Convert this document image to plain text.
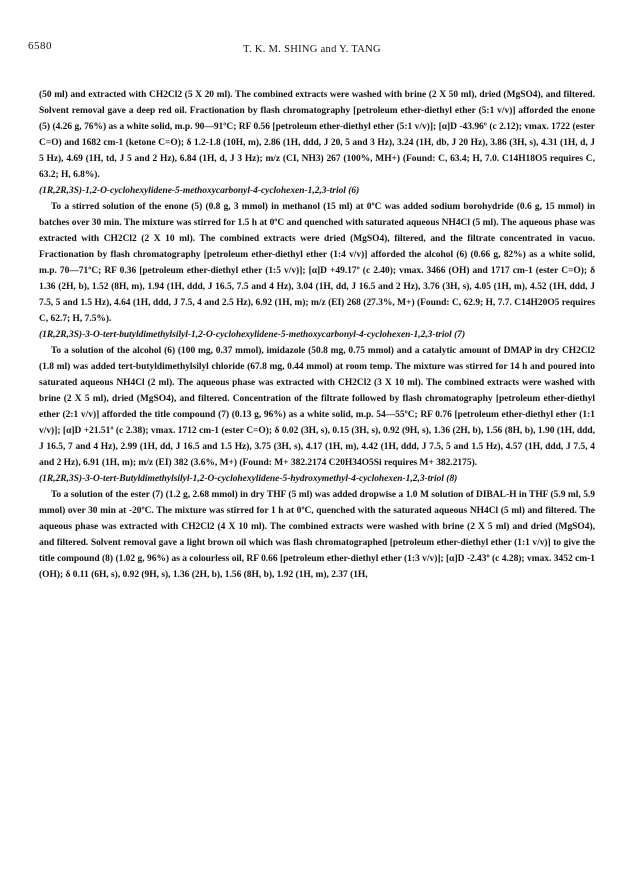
6580	T. K. M. SHING and Y. TANG

(50 ml) and extracted with CH2Cl2 (5 X 20 ml). The combined extracts were washed with brine (2 X 50 ml), dried (MgSO4), and filtered. Solvent removal gave a deep red oil. Fractionation by flash chromatography [petroleum ether-diethyl ether (5:1 v/v)] afforded the enone (5) (4.26 g, 76%) as a white solid, m.p. 90—91ºC; RF 0.56 [petroleum ether-diethyl ether (5:1 v/v)]; [α]D -43.96º (c 2.12); vmax. 1722 (ester C=O) and 1682 cm-1 (ketone C=O); δ 1.2-1.8 (10H, m), 2.86 (1H, ddd, J 20, 5 and 3 Hz), 3.24 (1H, db, J 20 Hz), 3.86 (3H, s), 4.31 (1H, d, J 5 Hz), 4.69 (1H, td, J 5 and 2 Hz), 6.84 (1H, d, J 3 Hz); m/z (CI, NH3) 267 (100%, MH+) (Found: C, 63.4; H, 7.0. C14H18O5 requires C, 63.2; H, 6.8%).

(1R,2R,3S)-1,2-O-cyclohexylidene-5-methoxycarbonyl-4-cyclohexen-1,2,3-triol (6)

To a stirred solution of the enone (5) (0.8 g, 3 mmol) in methanol (15 ml) at 0ºC was added sodium borohydride (0.6 g, 15 mmol) in batches over 30 min. The mixture was stirred for 1.5 h at 0ºC and quenched with saturated aqueous NH4Cl (5 ml). The aqueous phase was extracted with CH2Cl2 (2 X 10 ml). The combined extracts were dried (MgSO4), filtered, and the filtrate concentrated in vacuo. Fractionation by flash chromatography [petroleum ether-diethyl ether (1:4 v/v)] afforded the alcohol (6) (0.66 g, 82%) as a white solid, m.p. 70—71ºC; RF 0.36 [petroleum ether-diethyl ether (1:5 v/v)]; [α]D +49.17º (c 2.40); vmax. 3466 (OH) and 1717 cm-1 (ester C=O); δ 1.36 (2H, b), 1.52 (8H, m), 1.94 (1H, ddd, J 16.5, 7.5 and 4 Hz), 3.04 (1H, dd, J 16.5 and 2 Hz), 3.76 (3H, s), 4.05 (1H, m), 4.52 (1H, ddd, J 7.5, 5 and 1.5 Hz), 4.64 (1H, ddd, J 7.5, 4 and 2.5 Hz), 6.92 (1H, m); m/z (EI) 268 (27.3%, M+) (Found: C, 62.9; H, 7.7. C14H20O5 requires C, 62.7; H, 7.5%).

(1R,2R,3S)-3-O-tert-butyldimethylsilyl-1,2-O-cyclohexylidene-5-methoxycarbonyl-4-cyclohexen-1,2,3-triol (7)

To a solution of the alcohol (6) (100 mg, 0.37 mmol), imidazole (50.8 mg, 0.75 mmol) and a catalytic amount of DMAP in dry CH2Cl2 (1.8 ml) was added tert-butyldimethylsilyl chloride (67.8 mg, 0.44 mmol) at room temp. The mixture was stirred for 14 h and poured into saturated aqueous NH4Cl (2 ml). The aqueous phase was extracted with CH2Cl2 (3 X 10 ml). The combined extracts were washed with brine (2 X 5 ml), dried (MgSO4), and filtered. Concentration of the filtrate followed by flash chromatography [petroleum ether-diethyl ether (2:1 v/v)] afforded the title compound (7) (0.13 g, 96%) as a white solid, m.p. 54—55ºC; RF 0.76 [petroleum ether-diethyl ether (1:1 v/v)]; [α]D +21.51º (c 2.38); vmax. 1712 cm-1 (ester C=O); δ 0.02 (3H, s), 0.15 (3H, s), 0.92 (9H, s), 1.36 (2H, b), 1.56 (8H, b), 1.90 (1H, ddd, J 16.5, 7 and 4 Hz), 2.99 (1H, dd, J 16.5 and 1.5 Hz), 3.75 (3H, s), 4.17 (1H, m), 4.42 (1H, ddd, J 7.5, 5 and 1.5 Hz), 4.57 (1H, ddd, J 7.5, 4 and 2 Hz), 6.91 (1H, m); m/z (EI) 382 (3.6%, M+) (Found: M+ 382.2174 C20H34O5Si requires M+ 382.2175).

(1R,2R,3S)-3-O-tert-Butyldimethylsilyl-1,2-O-cyclohexylidene-5-hydroxymethyl-4-cyclohexen-1,2,3-triol (8)

To a solution of the ester (7) (1.2 g, 2.68 mmol) in dry THF (5 ml) was added dropwise a 1.0 M solution of DIBAL-H in THF (5.9 ml, 5.9 mmol) over 30 min at -20ºC. The mixture was stirred for 1 h at 0ºC, quenched with the saturated aqueous NH4Cl (5 ml) and filtered. The aqueous phase was extracted with CH2Cl2 (4 X 10 ml). The combined extracts were washed with brine (2 X 5 ml) and dried (MgSO4), and filtered. Solvent removal gave a light brown oil which was flash chromatographed [petroleum ether-diethyl ether (1:1 v/v)] to give the title compound (8) (1.02 g, 96%) as a colourless oil, RF 0.66 [petroleum ether-diethyl ether (1:3 v/v)]; [α]D -2.43º (c 4.28); vmax. 3452 cm-1 (OH); δ 0.11 (6H, s), 0.92 (9H, s), 1.36 (2H, b), 1.56 (8H, b), 1.92 (1H, m), 2.37 (1H,
